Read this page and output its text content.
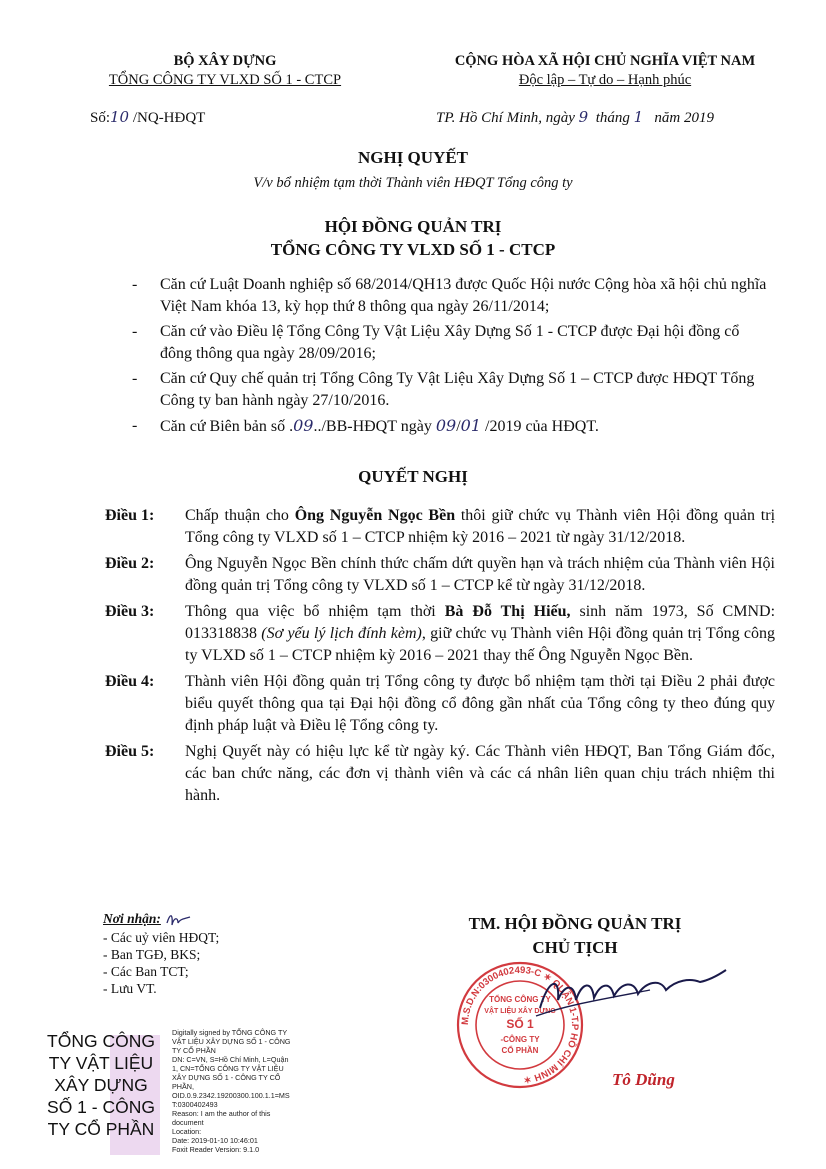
BỘ XÂY DỰNG
TỔNG CÔNG TY VLXD SỐ 1 - CTCP
CỘNG HÒA XÃ HỘI CHỦ NGHĨA VIỆT NAM
Độc lập – Tự do – Hạnh phúc
Số:10 /NQ-HĐQT	TP. Hồ Chí Minh, ngày 9 tháng 1 năm 2019
NGHỊ QUYẾT
V/v bổ nhiệm tạm thời Thành viên HĐQT Tổng công ty
HỘI ĐỒNG QUẢN TRỊ
TỔNG CÔNG TY VLXD SỐ 1 - CTCP
- Căn cứ Luật Doanh nghiệp số 68/2014/QH13 được Quốc Hội nước Cộng hòa xã hội chủ nghĩa Việt Nam khóa 13, kỳ họp thứ 8 thông qua ngày 26/11/2014;
- Căn cứ vào Điều lệ Tổng Công Ty Vật Liệu Xây Dựng Số 1 - CTCP được Đại hội đồng cổ đông thông qua ngày 28/09/2016;
- Căn cứ Quy chế quản trị Tổng Công Ty Vật Liệu Xây Dựng Số 1 – CTCP được HĐQT Tổng Công ty ban hành ngày 27/10/2016.
- Căn cứ Biên bản số .09../BB-HĐQT ngày 09/01 /2019 của HĐQT.
QUYẾT NGHỊ
Điều 1:	Chấp thuận cho Ông Nguyễn Ngọc Bền thôi giữ chức vụ Thành viên Hội đồng quản trị Tổng công ty VLXD số 1 – CTCP nhiệm kỳ 2016 – 2021 từ ngày 31/12/2018.
Điều 2:	Ông Nguyễn Ngọc Bền chính thức chấm dứt quyền hạn và trách nhiệm của Thành viên Hội đồng quản trị Tổng công ty VLXD số 1 – CTCP kể từ ngày 31/12/2018.
Điều 3:	Thông qua việc bổ nhiệm tạm thời Bà Đỗ Thị Hiếu, sinh năm 1973, Số CMND: 013318838 (Sơ yếu lý lịch đính kèm), giữ chức vụ Thành viên Hội đồng quản trị Tổng công ty VLXD số 1 – CTCP nhiệm kỳ 2016 – 2021 thay thế Ông Nguyễn Ngọc Bền.
Điều 4:	Thành viên Hội đồng quản trị Tổng công ty được bổ nhiệm tạm thời tại Điều 2 phải được biểu quyết thông qua tại Đại hội đồng cổ đông gần nhất của Tổng công ty theo đúng quy định pháp luật và Điều lệ Tổng công ty.
Điều 5:	Nghị Quyết này có hiệu lực kể từ ngày ký. Các Thành viên HĐQT, Ban Tổng Giám đốc, các ban chức năng, các đơn vị thành viên và các cá nhân liên quan chịu trách nhiệm thi hành.
Nơi nhận:
- Các uỷ viên HĐQT;
- Ban TGĐ, BKS;
- Các Ban TCT;
- Lưu VT.
TM. HỘI ĐỒNG QUẢN TRỊ
CHỦ TỊCH
M.S.D.N:0300402493-C ✶ QUẬN 1-T.P HỒ CHÍ MINH ✶
TỔNG CÔNG TY
VẬT LIỆU XÂY DỰNG
SỐ 1
-CÔNG TY
CỔ PHẦN
Tô Dũng
TỔNG CÔNG
TY VẬT LIỆU
XÂY DỰNG
SỐ 1 - CÔNG
TY CỔ PHẦN
Digitally signed by TỔNG CÔNG TY
VẬT LIỆU XÂY DỰNG SỐ 1 - CÔNG
TY CỔ PHẦN
DN: C=VN, S=Hồ Chí Minh, L=Quận
1, CN=TỔNG CÔNG TY VẬT LIỆU
XÂY DỰNG SỐ 1 - CÔNG TY CỔ
PHẦN,
OID.0.9.2342.19200300.100.1.1=MS
T:0300402493
Reason: I am the author of this
document
Location:
Date: 2019-01-10 10:46:01
Foxit Reader Version: 9.1.0
